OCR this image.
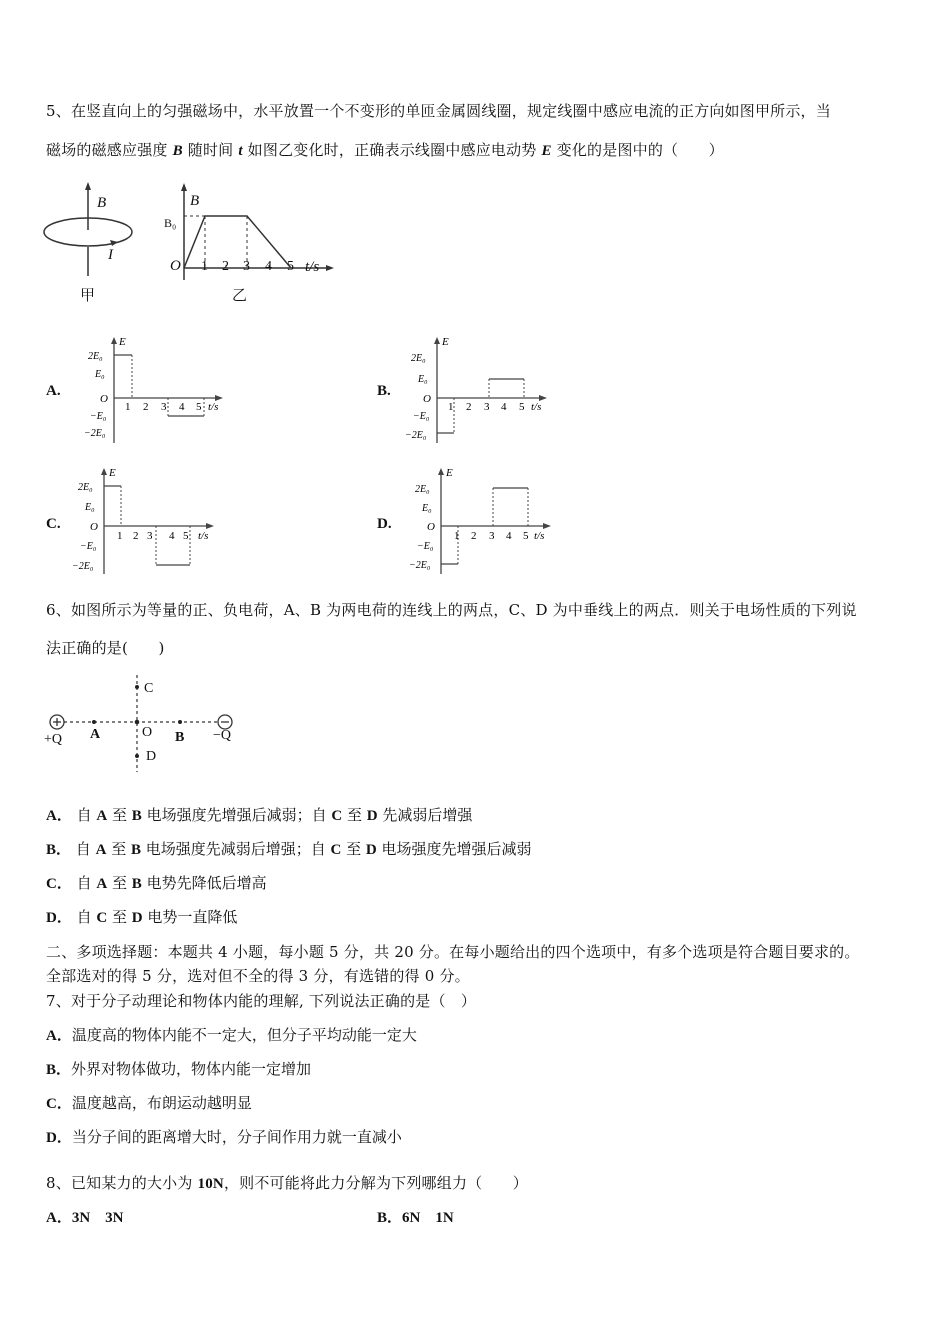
5、在竖直向上的匀强磁场中，水平放置一个不变形的单匝金属圆线圈，规定线圈中感应电流的正方向如图甲所示，当
磁场的磁感应强度 B 随时间 t 如图乙变化时，正确表示线圈中感应电动势 E 变化的是图中的（　　）
B
I
甲
B
B₀
O 1 2 3 4 5 t/s
乙
A.
1 2 3 4 5 t/s
E
2E₀
E₀
O
−E₀
−2E₀
B.
1 2 3 4 5 t/s
E
2E₀
E₀
O
−E₀
−2E₀
C.
1 2 3 4 5 t/s
E
2E₀
E₀
O
−E₀
−2E₀
D.
1 2 3 4 5 t/s
E
2E₀
E₀
O
−E₀
−2E₀
6、如图所示为等量的正、负电荷，A、B 为两电荷的连线上的两点，C、D 为中垂线上的两点．则关于电场性质的下列说
法正确的是(　　)
+Q A	O B −Q
C
D
A． 自 A 至 B 电场强度先增强后减弱；自 C 至 D 先减弱后增强
B． 自 A 至 B 电场强度先减弱后增强；自 C 至 D 电场强度先增强后减弱
C． 自 A 至 B 电势先降低后增高
D． 自 C 至 D 电势一直降低
二、多项选择题：本题共 4 小题，每小题 5 分，共 20 分。在每小题给出的四个选项中，有多个选项是符合题目要求的。
全部选对的得 5 分，选对但不全的得 3 分，有选错的得 0 分。
7、对于分子动理论和物体内能的理解, 下列说法正确的是（　）
A．温度高的物体内能不一定大，但分子平均动能一定大
B．外界对物体做功，物体内能一定增加
C．温度越高，布朗运动越明显
D．当分子间的距离增大时，分子间作用力就一直减小
8、已知某力的大小为 10N，则不可能将此力分解为下列哪组力（　　）
A．3N　3N	B．6N　1N
